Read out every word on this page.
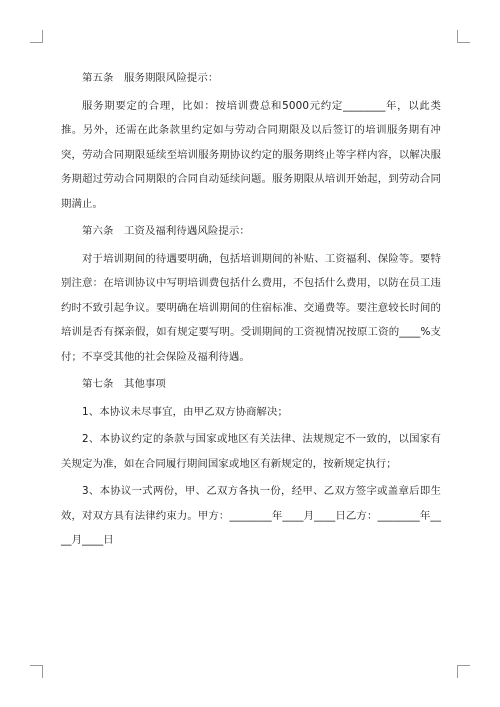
第五条　服务期限风险提示：

服务期要定的合理，比如：按培训费总和5000元约定________年，以此类推。另外，还需在此条款里约定如与劳动合同期限及以后签订的培训服务期有冲突，劳动合同期限延续至培训服务期协议约定的服务期终止等字样内容，以解决服务期超过劳动合同期限的合同自动延续问题。服务期限从培训开始起，到劳动合同期满止。

第六条　工资及福利待遇风险提示：

对于培训期间的待遇要明确，包括培训期间的补贴、工资福利、保险等。要特别注意：在培训协议中写明培训费包括什么费用，不包括什么费用，以防在员工违约时不致引起争议。要明确在培训期间的住宿标准、交通费等。要注意较长时间的培训是否有探亲假，如有规定要写明。受训期间的工资视情况按原工资的____%支付；不享受其他的社会保险及福利待遇。

第七条　其他事项

1、本协议未尽事宜，由甲乙双方协商解决；

2、本协议约定的条款与国家或地区有关法律、法规规定不一致的，以国家有关规定为准，如在合同履行期间国家或地区有新规定的，按新规定执行；

3、本协议一式两份，甲、乙双方各执一份，经甲、乙双方签字或盖章后即生效，对双方具有法律约束力。甲方：________年____月____日乙方：________年____月____日
